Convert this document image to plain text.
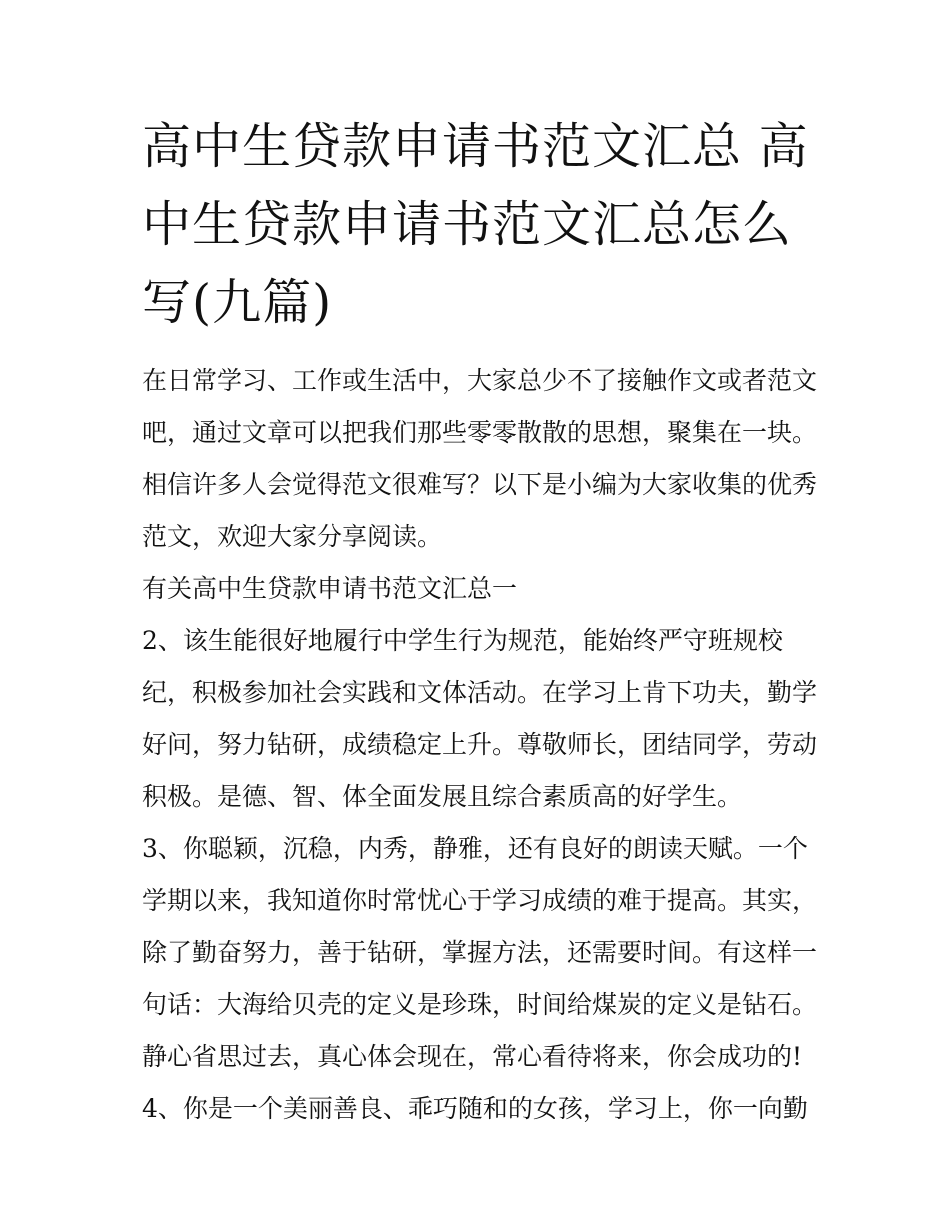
高中生贷款申请书范文汇总 高
中生贷款申请书范文汇总怎么
写(九篇)
在日常学习、工作或生活中，大家总少不了接触作文或者范文
吧，通过文章可以把我们那些零零散散的思想，聚集在一块。
相信许多人会觉得范文很难写？以下是小编为大家收集的优秀
范文，欢迎大家分享阅读。
有关高中生贷款申请书范文汇总一
2、该生能很好地履行中学生行为规范，能始终严守班规校
纪，积极参加社会实践和文体活动。在学习上肯下功夫，勤学
好问，努力钻研，成绩稳定上升。尊敬师长，团结同学，劳动
积极。是德、智、体全面发展且综合素质高的好学生。
3、你聪颖，沉稳，内秀，静雅，还有良好的朗读天赋。一个
学期以来，我知道你时常忧心于学习成绩的难于提高。其实，
除了勤奋努力，善于钻研，掌握方法，还需要时间。有这样一
句话：大海给贝壳的定义是珍珠，时间给煤炭的定义是钻石。
静心省思过去，真心体会现在，常心看待将来，你会成功的!
4、你是一个美丽善良、乖巧随和的女孩，学习上，你一向勤
